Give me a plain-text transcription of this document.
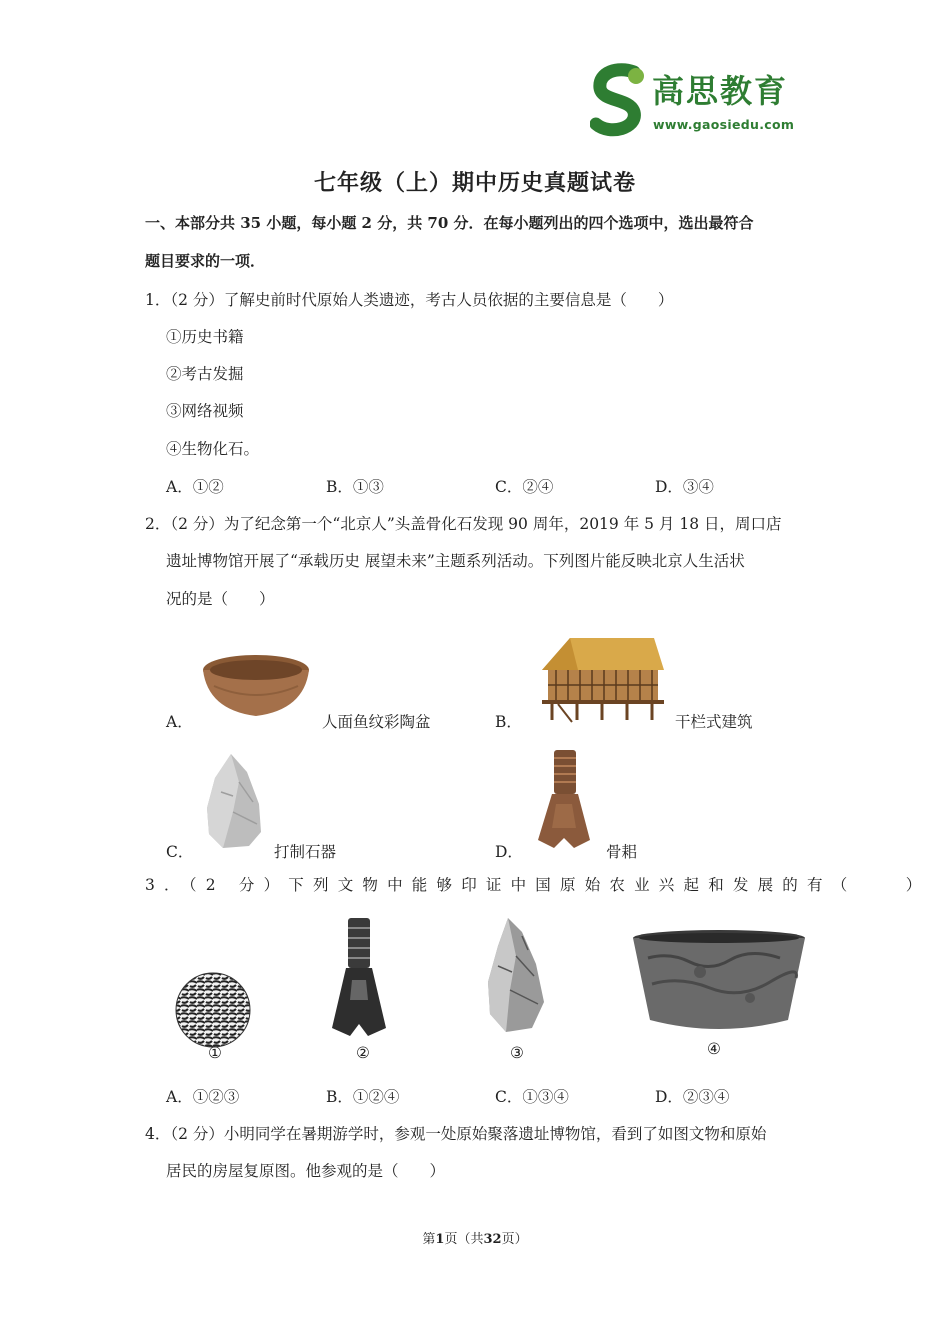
高思教育
www.gaosiedu.com
七年级（上）期中历史真题试卷
一、本部分共 35 小题，每小题 2 分，共 70 分．在每小题列出的四个选项中，选出最符合
题目要求的一项．
1．（2 分）了解史前时代原始人类遗迹，考古人员依据的主要信息是（　　）
①历史书籍
②考古发掘
③网络视频
④生物化石。
A．①②	B．①③	C．②④	D．③④
2．（2 分）为了纪念第一个“北京人”头盖骨化石发现 90 周年，2019 年 5 月 18 日，周口店
遗址博物馆开展了“承载历史 展望未来”主题系列活动。下列图片能反映北京人生活状
况的是（　　）
A．	人面鱼纹彩陶盆	B．	干栏式建筑
C．	打制石器	D．	骨耜
3．（2 分）下列文物中能够印证中国原始农业兴起和发展的有（　　）
①	②	③	④
A．①②③	B．①②④	C．①③④	D．②③④
4．（2 分）小明同学在暑期游学时，参观一处原始聚落遗址博物馆，看到了如图文物和原始
居民的房屋复原图。他参观的是（　　）
第1页（共32页）
